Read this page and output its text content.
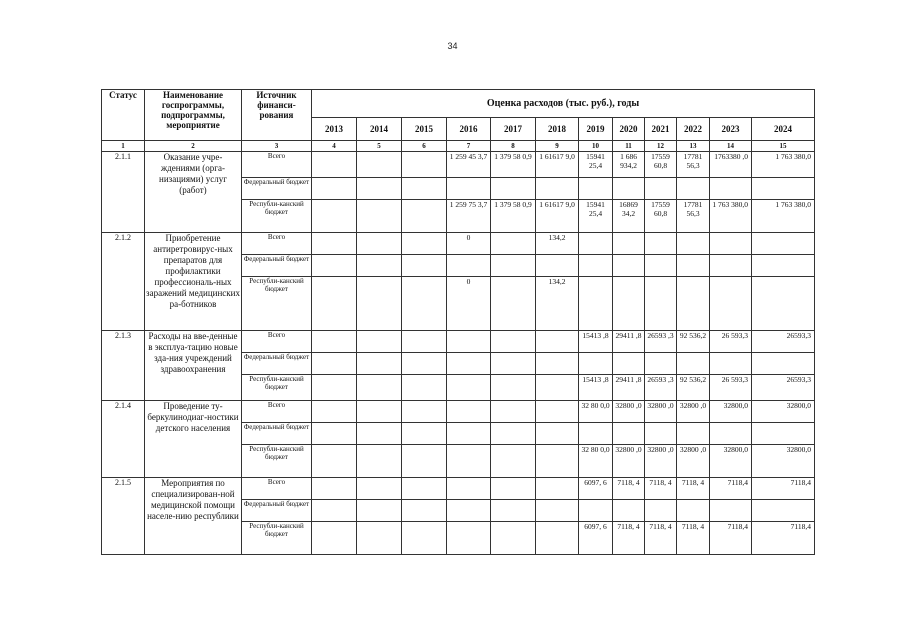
34
Статус	Наименование госпрограммы, подпрограммы, мероприятие	Источник финанси-рования	Оценка расходов (тыс. руб.), годы											
			2013	2014	2015	2016	2017	2018	2019	2020	2021	2022	2023	2024
1	2	3	4	5	6	7	8	9	10	11	12	13	14	15
2.1.1	Оказание учре-ждениями (орга-низациями) услуг (работ)	Всего				1 259 45 3,7	1 379 58 0,9	1 61617 9,0	15941 25,4	1 686 934,2	17559 60,8	17781 56,3	1763380 ,0	1 763 380,0
		Федеральный бюджет												
		Республи-канский бюджет				1 259 75 3,7	1 379 58 0,9	1 61617 9,0	15941 25,4	16869 34,2	17559 60,8	17781 56,3	1 763 380,0	1 763 380,0
2.1.2	Приобретение антиретровирус-ных препаратов для профилактики профессиональ-ных заражений медицинских ра-ботников	Всего				0		134,2						
		Федеральный бюджет												
		Республи-канский бюджет				0		134,2						
2.1.3	Расходы на вве-денные в эксплуа-тацию новые зда-ния учреждений здравоохранения	Всего							15413 ,8	29411 ,8	26593 ,3	92 536,2	26 593,3	26593,3
		Федеральный бюджет												
		Республи-канский бюджет							15413 ,8	29411 ,8	26593 ,3	92 536,2	26 593,3	26593,3
2.1.4	Проведение ту-беркулинодиаг-ностики детского населения	Всего							32 80 0,0	32800 ,0	32800 ,0	32800 ,0	32800,0	32800,0
		Федеральный бюджет												
		Республи-канский бюджет							32 80 0,0	32800 ,0	32800 ,0	32800 ,0	32800,0	32800,0
2.1.5	Мероприятия по специализирован-ной медицинской помощи населе-нию республики	Всего							6097, 6	7118, 4	7118, 4	7118, 4	7118,4	7118,4
		Федеральный бюджет												
		Республи-канский бюджет							6097, 6	7118, 4	7118, 4	7118, 4	7118,4	7118,4
